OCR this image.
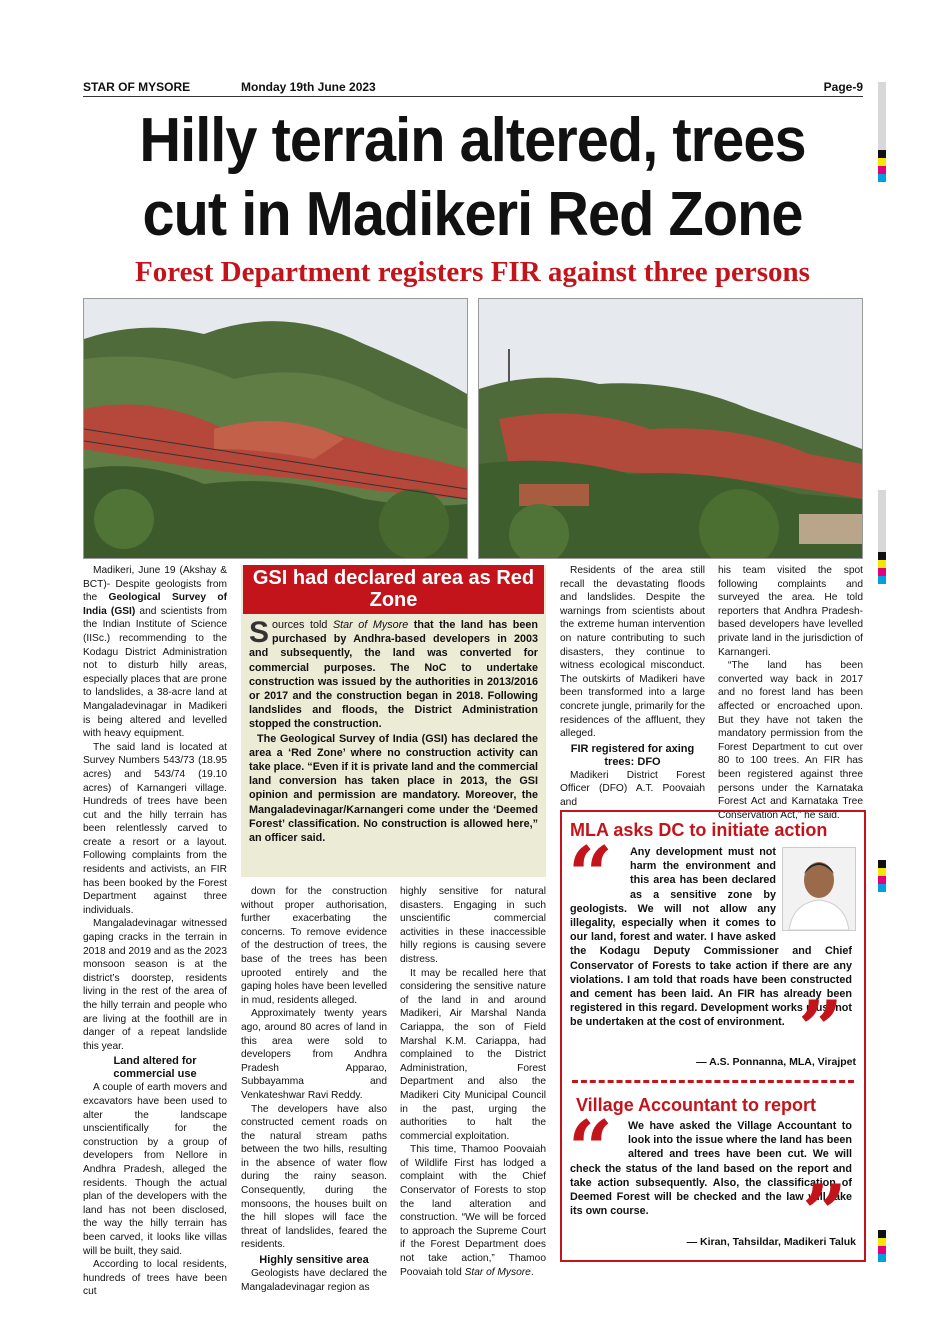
STAR OF MYSORE	Monday 19th June 2023	Page-9
Hilly terrain altered, trees
cut in Madikeri Red Zone
Forest Department registers FIR against three persons

Madikeri, June 19 (Akshay & BCT)- Despite geologists from the Geological Survey of India (GSI) and scientists from the Indian Institute of Science (IISc.) recommending to the Kodagu District Administration not to disturb hilly areas, especially places that are prone to landslides, a 38-acre land at Mangaladevinagar in Madikeri is being altered and levelled with heavy equipment.

The said land is located at Survey Numbers 543/73 (18.95 acres) and 543/74 (19.10 acres) of Karnangeri village. Hundreds of trees have been cut and the hilly terrain has been relentlessly carved to create a resort or a layout. Following complaints from the residents and activists, an FIR has been booked by the Forest Department against three individuals.

Mangaladevinagar witnessed gaping cracks in the terrain in 2018 and 2019 and as the 2023 monsoon season is at the district’s doorstep, residents living in the rest of the area of the hilly terrain and people who are living at the foothill are in danger of a repeat landslide this year.

Land altered for commercial use

A couple of earth movers and excavators have been used to alter the landscape unscientifically for the construction by a group of developers from Nellore in Andhra Pradesh, alleged the residents. Though the actual plan of the developers with the land has not been disclosed, the way the hilly terrain has been carved, it looks like villas will be built, they said.

According to local residents, hundreds of trees have been cut

GSI had declared area as Red Zone

Sources told Star of Mysore that the land has been purchased by Andhra-based developers in 2003 and subsequently, the land was converted for commercial purposes. The NoC to undertake construction was issued by the authorities in 2013/2016 or 2017 and the construction began in 2018. Following landslides and floods, the District Administration stopped the construction.

The Geological Survey of India (GSI) has declared the area a ‘Red Zone’ where no construction activity can take place. “Even if it is private land and the commercial land conversion has taken place in 2013, the GSI opinion and permission are mandatory. Moreover, the Mangaladevinagar/Karnangeri come under the ‘Deemed Forest’ classification. No construction is allowed here,” an officer said.

down for the construction without proper authorisation, further exacerbating the concerns. To remove evidence of the destruction of trees, the base of the trees has been uprooted entirely and the gaping holes have been levelled in mud, residents alleged.

Approximately twenty years ago, around 80 acres of land in this area were sold to developers from Andhra Pradesh Apparao, Subbayamma and Venkateshwar Ravi Reddy.

The developers have also constructed cement roads on the natural stream paths between the two hills, resulting in the absence of water flow during the rainy season. Consequently, during the monsoons, the houses built on the hill slopes will face the threat of landslides, feared the residents.

Highly sensitive area

Geologists have declared the Mangaladevinagar region as

highly sensitive for natural disasters. Engaging in such unscientific commercial activities in these inaccessible hilly regions is causing severe distress.

It may be recalled here that considering the sensitive nature of the land in and around Madikeri, Air Marshal Nanda Cariappa, the son of Field Marshal K.M. Cariappa, had complained to the District Administration, Forest Department and also the Madikeri City Municipal Council in the past, urging the authorities to halt the commercial exploitation.

This time, Thamoo Poovaiah of Wildlife First has lodged a complaint with the Chief Conservator of Forests to stop the land alteration and construction. “We will be forced to approach the Supreme Court if the Forest Department does not take action,” Thamoo Poovaiah told Star of Mysore.

Residents of the area still recall the devastating floods and landslides. Despite the warnings from scientists about the extreme human intervention on nature contributing to such disasters, they continue to witness ecological misconduct. The outskirts of Madikeri have been transformed into a large concrete jungle, primarily for the residences of the affluent, they alleged.

FIR registered for axing trees: DFO

Madikeri District Forest Officer (DFO) A.T. Poovaiah and

his team visited the spot following complaints and surveyed the area. He told reporters that Andhra Pradesh-based developers have levelled private land in the jurisdiction of Karnangeri.

“The land has been converted way back in 2017 and no forest land has been affected or encroached upon. But they have not taken the mandatory permission from the Forest Department to cut over 80 to 100 trees. An FIR has been registered against three persons under the Karnataka Forest Act and Karnataka Tree Conservation Act,” he said.

MLA asks DC to initiate action
“	Any development must not harm the environment and this area has been declared as a sensitive zone by geologists. We will not allow any illegality, especially when it comes to our land, forest and water. I have asked the Kodagu Deputy Commissioner and Chief Conservator of Forests to take action if there are any violations. I am told that roads have been constructed and cement has been laid. An FIR has already been registered in this regard. Development works must not be undertaken at the cost of environment. ”
— A.S. Ponnanna, MLA, Virajpet
Village Accountant to report
“	We have asked the Village Accountant to look into the issue where the land has been altered and trees have been cut. We will check the status of the land based on the report and take action subsequently. Also, the classification of Deemed Forest will be checked and the law will take its own course.	”
— Kiran, Tahsildar, Madikeri Taluk
